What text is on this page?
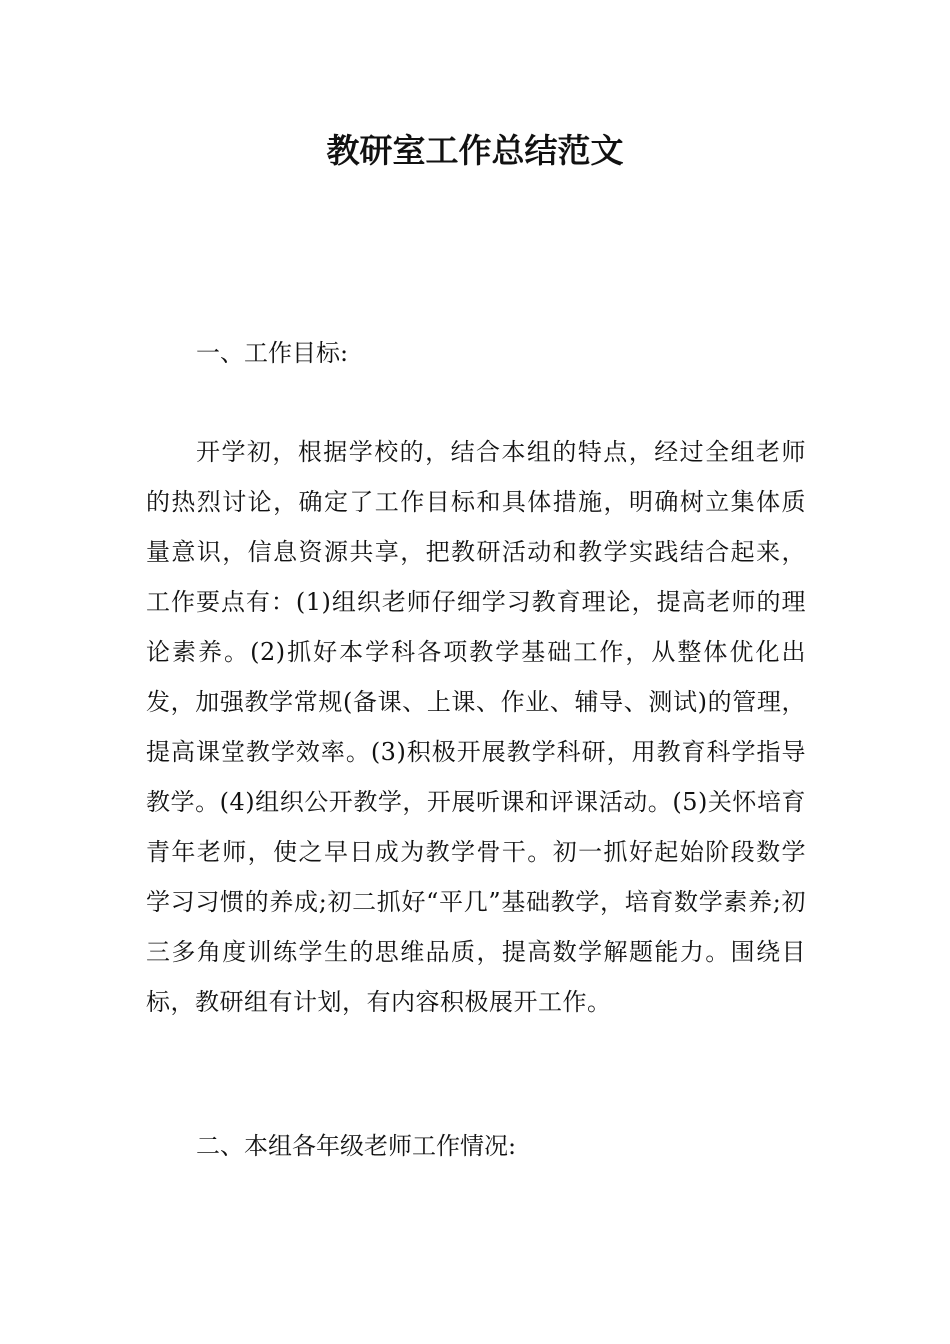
教研室工作总结范文
一、工作目标:

开学初，根据学校的，结合本组的特点，经过全组老师的热烈讨论，确定了工作目标和具体措施，明确树立集体质量意识，信息资源共享，把教研活动和教学实践结合起来，工作要点有：(1)组织老师仔细学习教育理论，提高老师的理论素养。(2)抓好本学科各项教学基础工作，从整体优化出发，加强教学常规(备课、上课、作业、辅导、测试)的管理，提高课堂教学效率。(3)积极开展教学科研，用教育科学指导教学。(4)组织公开教学，开展听课和评课活动。(5)关怀培育青年老师，使之早日成为教学骨干。初一抓好起始阶段数学学习习惯的养成;初二抓好“平几”基础教学，培育数学素养;初三多角度训练学生的思维品质，提高数学解题能力。围绕目标，教研组有计划，有内容积极展开工作。

二、本组各年级老师工作情况:
